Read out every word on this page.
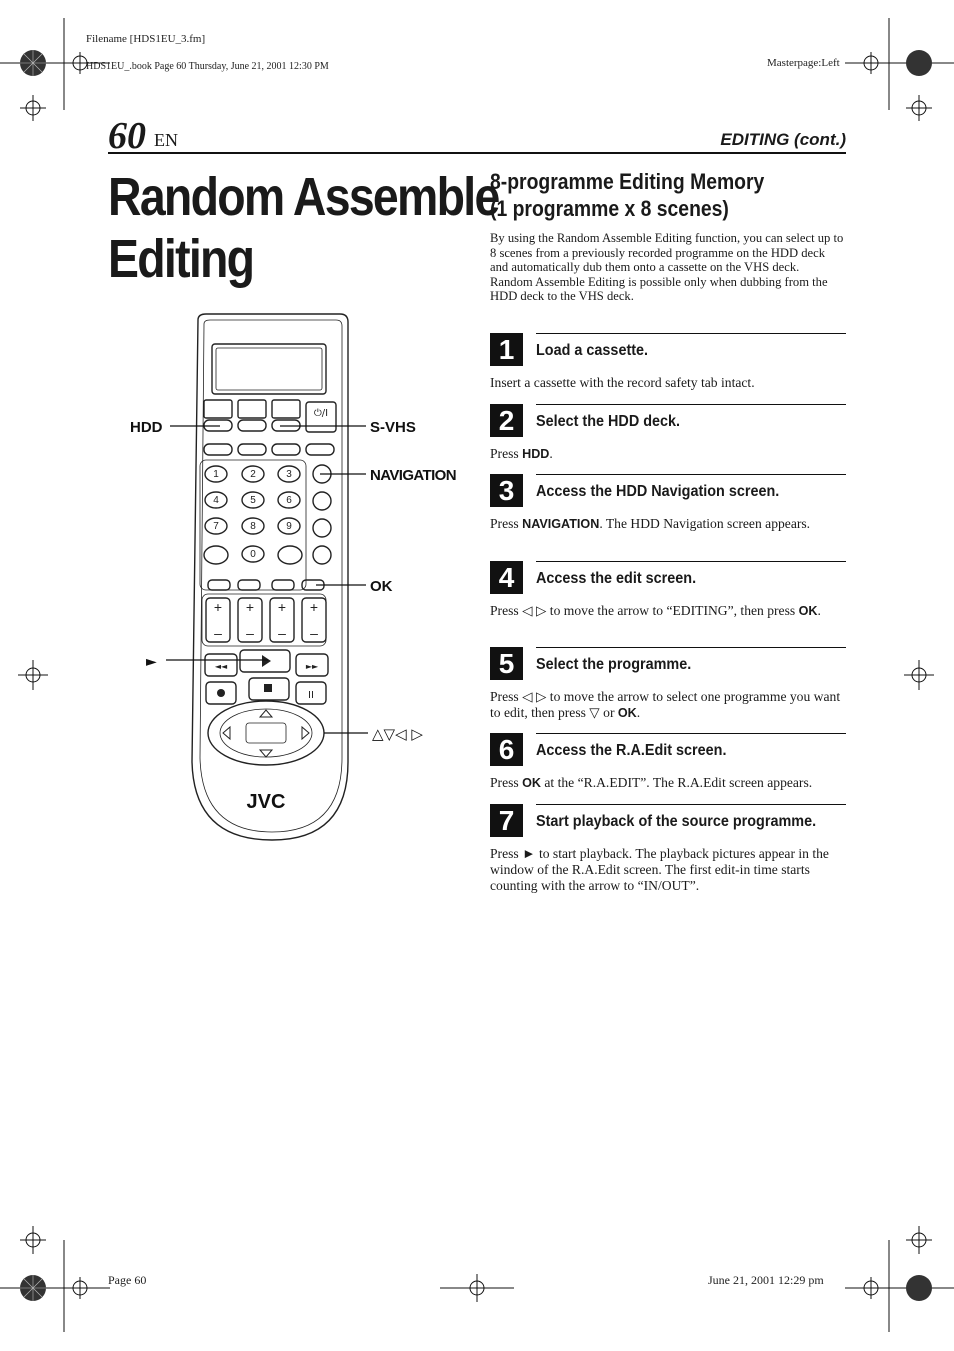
Filename [HDS1EU_3.fm]
HDS1EU_.book Page 60 Thursday, June 21, 2001 12:30 PM	Masterpage:Left
Page 60	June 21, 2001 12:29 pm
60 EN	EDITING (cont.)
Random Assemble
Editing
8-programme Editing Memory
(1 programme x 8 scenes)
By using the Random Assemble Editing function, you can select up to 8 scenes from a previously recorded programme on the HDD deck and automatically dub them onto a cassette on the VHS deck.
Random Assemble Editing is possible only when dubbing from the HDD deck to the VHS deck.
1	Load a cassette.
Insert a cassette with the record safety tab intact.
2	Select the HDD deck.
Press HDD.
3	Access the HDD Navigation screen.
Press NAVIGATION. The HDD Navigation screen appears.
4	Access the edit screen.
Press ◁ ▷ to move the arrow to “EDITING”, then press OK.
5	Select the programme.
Press ◁ ▷ to move the arrow to select one programme you want to edit, then press ▽ or OK.
6	Access the R.A.Edit screen.
Press OK at the “R.A.EDIT”. The R.A.Edit screen appears.
7	Start playback of the source programme.
Press ► to start playback. The playback pictures appear in the window of the R.A.Edit screen. The first edit-in time starts counting with the arrow to “IN/OUT”.
1	2	3
4	5	6
7	8	9
0
+ + + +
– – – –
II
◄◄	►►
⏻/I
JVC
HDD	S-VHS
NAVIGATION
OK
►
△▽◁ ▷
